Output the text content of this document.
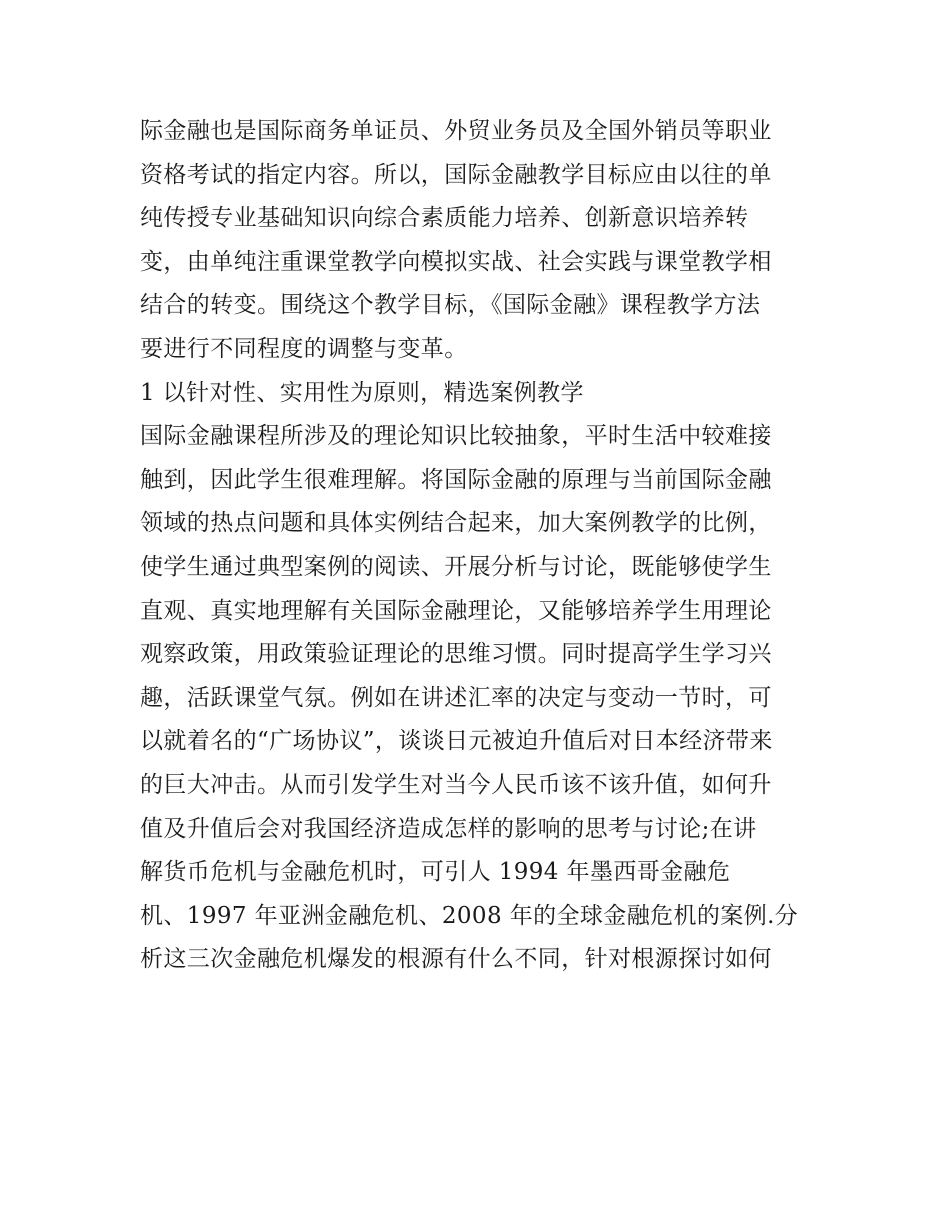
际金融也是国际商务单证员、外贸业务员及全国外销员等职业
资格考试的指定内容。所以，国际金融教学目标应由以往的单
纯传授专业基础知识向综合素质能力培养、创新意识培养转
变，由单纯注重课堂教学向模拟实战、社会实践与课堂教学相
结合的转变。围绕这个教学目标，《国际金融》课程教学方法
要进行不同程度的调整与变革。
1 以针对性、实用性为原则，精选案例教学
国际金融课程所涉及的理论知识比较抽象，平时生活中较难接
触到，因此学生很难理解。将国际金融的原理与当前国际金融
领域的热点问题和具体实例结合起来，加大案例教学的比例，
使学生通过典型案例的阅读、开展分析与讨论，既能够使学生
直观、真实地理解有关国际金融理论，又能够培养学生用理论
观察政策，用政策验证理论的思维习惯。同时提高学生学习兴
趣，活跃课堂气氛。例如在讲述汇率的决定与变动一节时，可
以就着名的“广场协议”，谈谈日元被迫升值后对日本经济带来
的巨大冲击。从而引发学生对当今人民币该不该升值，如何升
值及升值后会对我国经济造成怎样的影响的思考与讨论;在讲
解货币危机与金融危机时，可引人 1994 年墨西哥金融危
机、1997 年亚洲金融危机、2008 年的全球金融危机的案例.分
析这三次金融危机爆发的根源有什么不同，针对根源探讨如何
